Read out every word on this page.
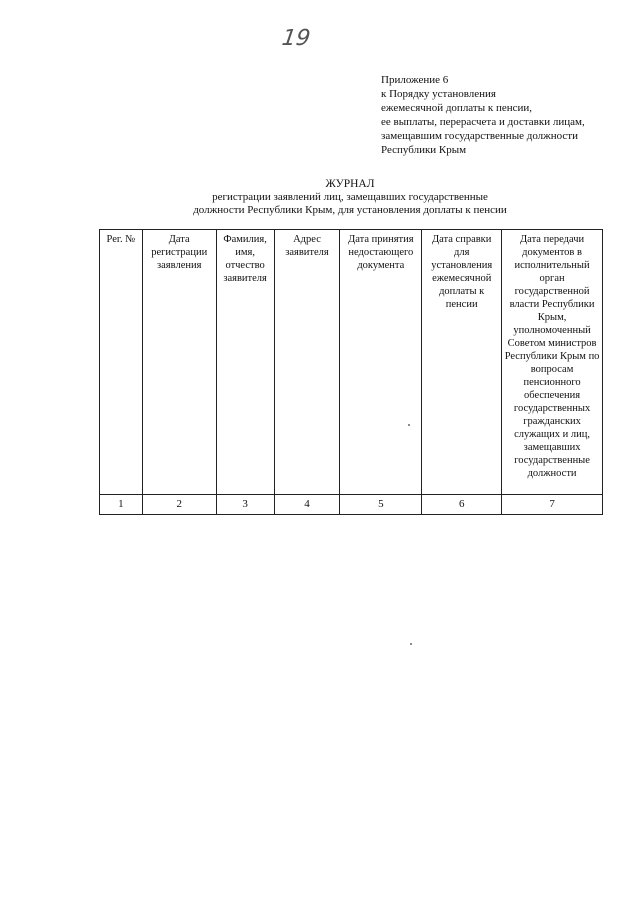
19
Приложение 6
к Порядку установления
ежемесячной доплаты к пенсии,
ее выплаты, перерасчета и доставки лицам,
замещавшим государственные должности
Республики Крым
ЖУРНАЛ
регистрации заявлений лиц, замещавших государственные
должности Республики Крым, для установления доплаты к пенсии
Рег. №	Дата регистрации заявления	Фамилия, имя, отчество заявителя	Адрес заявителя	Дата принятия недостающего документа	Дата справки для установления ежемесячной доплаты к пенсии	Дата передачи документов в исполнительный орган государственной власти Республики Крым, уполномоченный Советом министров Республики Крым по вопросам пенсионного обеспечения государственных гражданских служащих и лиц, замещавших государственные должности
1	2	3	4	5	6	7
